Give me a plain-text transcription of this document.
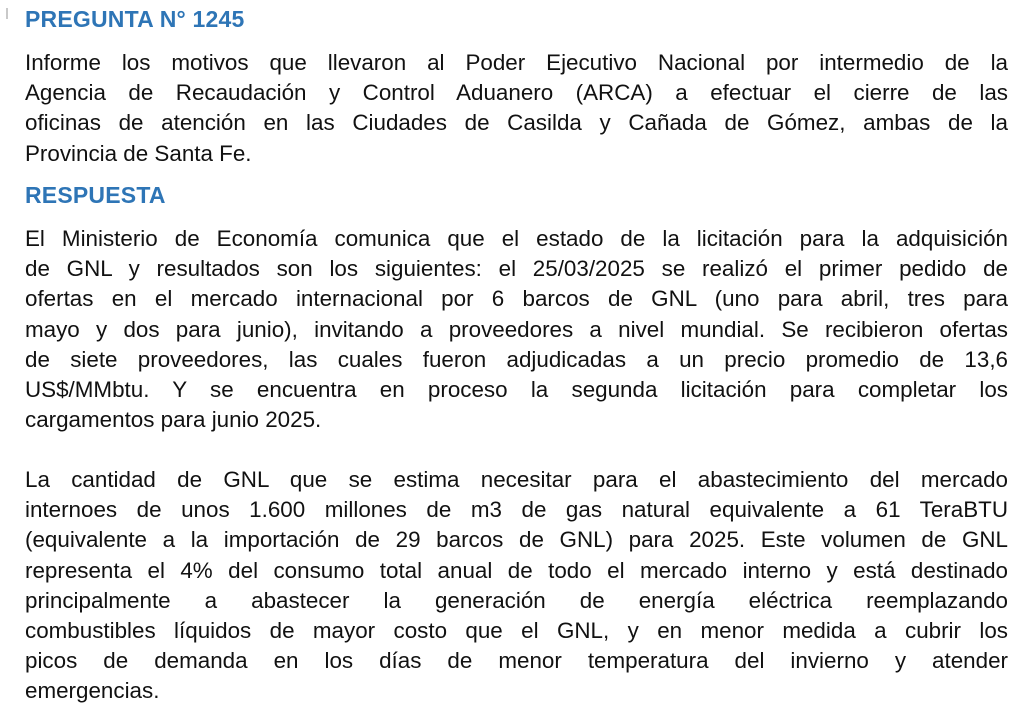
PREGUNTA N° 1245

Informe los motivos que llevaron al Poder Ejecutivo Nacional por intermedio de la
Agencia de Recaudación y Control Aduanero (ARCA) a efectuar el cierre de las
oficinas de atención en las Ciudades de Casilda y Cañada de Gómez, ambas de la
Provincia de Santa Fe.

RESPUESTA

El Ministerio de Economía comunica que el estado de la licitación para la adquisición
de GNL y resultados son los siguientes: el 25/03/2025 se realizó el primer pedido de
ofertas en el mercado internacional por 6 barcos de GNL (uno para abril, tres para
mayo y dos para junio), invitando a proveedores a nivel mundial. Se recibieron ofertas
de siete proveedores, las cuales fueron adjudicadas a un precio promedio de 13,6
US$/MMbtu. Y se encuentra en proceso la segunda licitación para completar los
cargamentos para junio 2025.

La cantidad de GNL que se estima necesitar para el abastecimiento del mercado
internoes de unos 1.600 millones de m3 de gas natural equivalente a 61 TeraBTU
(equivalente a la importación de 29 barcos de GNL) para 2025. Este volumen de GNL
representa el 4% del consumo total anual de todo el mercado interno y está destinado
principalmente a abastecer la generación de energía eléctrica reemplazando
combustibles líquidos de mayor costo que el GNL, y en menor medida a cubrir los
picos de demanda en los días de menor temperatura del invierno y atender
emergencias.
